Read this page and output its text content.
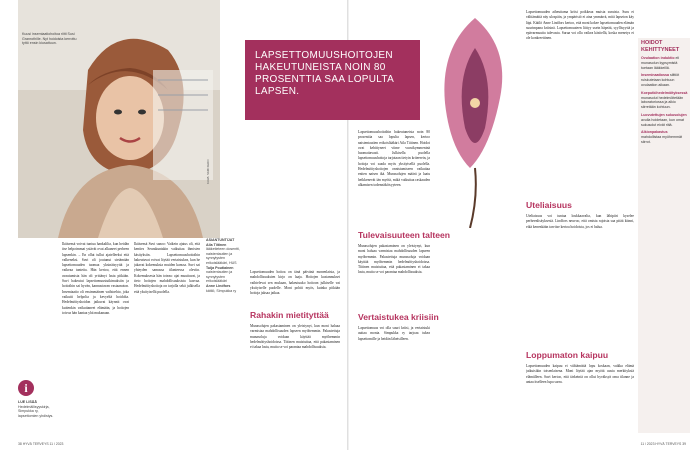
Kuusi insemiaatiohoitoa riitti Susi Granrothille. Nyt hoidoista kerrottu tyttö ensin kiusattuun.

KUVA: SAMI KERO

Ikäisensä voivat tuntua hankalilta, kun heidän itse helpoimmat ystävät ovat alkaneet perheen lapsenkin. – En ollut tullut ajatelleeksi että valkeneksi. Suvi oli joutunut sietämään lapsettomuuden tuomaa yksinäisyyttä ja vaikeaa tunteita. Hän kertoo, että ennen avautumista hän oli yrittänyt lasta pitkään. Suvi hakeutui lapsettomuustutkimuksiin ja hoitoihin sai hyvän, kannustavan vastaanoton. Insemiaatio oli ensimmäinen vaihtoehto, joka vaikutti helpolta ja kevyeltä hoidolta. Hedelmöityshoidon jatkuvat käynnit ovat kuitenkin vaikuttaneet elämään, ja hoitojen toivoa hän kantaa yhä mukanaan.

Ikäisensä Suvi sanoo: Vaikein ajatus oli, että kenties Seurakuntakin vaikuttaa ihmisten käsityksiin. Lapsettomuushoitoihin hakeutuvat voivat löytää vertaistukea, kun he jakavat kokemuksia muiden kanssa. Suvi sai yhteyden samassa tilanteessa oleviin. Kokemuksesta hän toteaa: ajat muuttuvat, ja tieto hoitojen mahdollisuuksista kasvaa. Hedelmöityshoitoja on tarjolla sekä julkisella että yksityisellä puolella.

ASIANTUNTIJAT
Aila Tiitinen
lääketieteen dosentti, naistentautien ja synnytysten erikoislääkäri, HUS
Tuija Poutiainen
naistentautien ja synnytysten erikoislääkäri
Anne Lindfors
kätilö, Simpukka ry
i
LUE LISÄÄ
Hedelmällisyyskirja, Simpukka ry, lapsettomien yhdistys.

Lapsettomuuden hoitoa on tänä päivänä monenlaista, ja mahdollisuuksien kirjo on laaja. Hoitojen kustannukset vaihtelevat sen mukaan, hakeutuuko hoitoon julkiselle vai yksityiselle puolelle. Moni pohtii myös, kuinka pitkään hoitoja jaksaa jatkaa.

Rahakin mietityttää

Munasolujen pakastaminen on yleistynyt, kun moni haluaa varmistaa mahdollisuuden lapseen myöhemmin. Pakastettuja munasoluja voidaan käyttää myöhemmin hedelmöityshoidoissa. Tiitinen muistuttaa, että pakastaminen ei takaa lasta, mutta se voi parantaa mahdollisuuksia.

LAPSETTOMUUSHOITOJEN HAKEUTUNEISTA NOIN 80 PROSENTTIA SAA LOPULTA LAPSEN.

Lapsettomuushoitoihin hakeutuneista noin 80 prosenttia saa lopulta lapsen, kertoo naistentautien erikoislääkäri Aila Tiitinen. Hoidot ovat kehittyneet viime vuosikymmeninä huomattavasti. Julkisella puolella lapsettomuushoitoja tarjotaan tietyin kriteerein, ja hoitoja voi saada myös yksityisellä puolella. Hedelmöityshoitojen onnistumiseen vaikuttaa eniten naisen ikä. Munasolujen määrä ja laatu heikkenevät iän myötä, mikä vaikuttaa raskauden alkamisen todennäköisyyteen.

Tulevaisuuteen talteen

Munasolujen pakastaminen on yleistynyt, kun moni haluaa varmistaa mahdollisuuden lapseen myöhemmin. Pakastettuja munasoluja voidaan käyttää myöhemmin hedelmöityshoidoissa. Tiitinen muistuttaa, että pakastaminen ei takaa lasta, mutta se voi parantaa mahdollisuuksia.

Vertaistukea kriisiin

Lapsettomuus voi olla suuri kriisi, ja vertaistuki auttaa monia. Simpukka ry tarjoaa tukea lapsettomille ja heidän läheisilleen.

Lapsettomuuden aiheuttama kriisi poikkeaa muista suruista. Suru ei välttämättä näy ulospäin, ja ympäristö ei aina ymmärrä, mitä lapseton käy läpi. Kätilö Anne Lindfors kertoo, että moni kokee lapsettomuuden elämän suurimpana kriisinä. Lapsettomuuteen liittyy usein häpeää, syyllisyyttä ja epävarmuutta tulevasta. Surua voi olla vaikea käsitellä, koska menetys ei ole konkreettinen.

Uteliaisuus

Uteliaisuus voi tuntua loukkaavalta, kun lähipiiri kyselee perheenlisäyksestä. Lindfors neuvoo, että omista rajoista saa pitää kiinni, eikä kenenkään tarvitse kertoa hoidoista, jos ei halua.

Loppumaton kaipuu

Lapsettomuuden kaipuu ei välttämättä lopu koskaan, vaikka elämä jatkuisikin toisenlaisena. Moni löytää ajan myötä uusia merkityksiä elämälleen. Suvi kertoo, että tärkeintä on ollut hyväksyä oma tilanne ja antaa itselleen lupa surra.

HOIDOT KEHITTYNEET
Ovulaation induktio eli munasolun kypsymistä tuetaan lääkkeillä.
Inseminaatiossa siittiöt ruiskutetaan kohtuun ovulaation aikaan.
Koeputkihedelmöityksessä munasolut hedelmöitetään laboratoriossa ja alkio siirretään kohtuun.
Luovutettujen sukusolujen avulla hoidetaan, kun omat sukusolut eivät riitä.
Alkionpakastus mahdollistaa myöhemmät siirrot.
38 HYVÄ TERVEYS 11 / 2023	11 / 2023 HYVÄ TERVEYS 39
